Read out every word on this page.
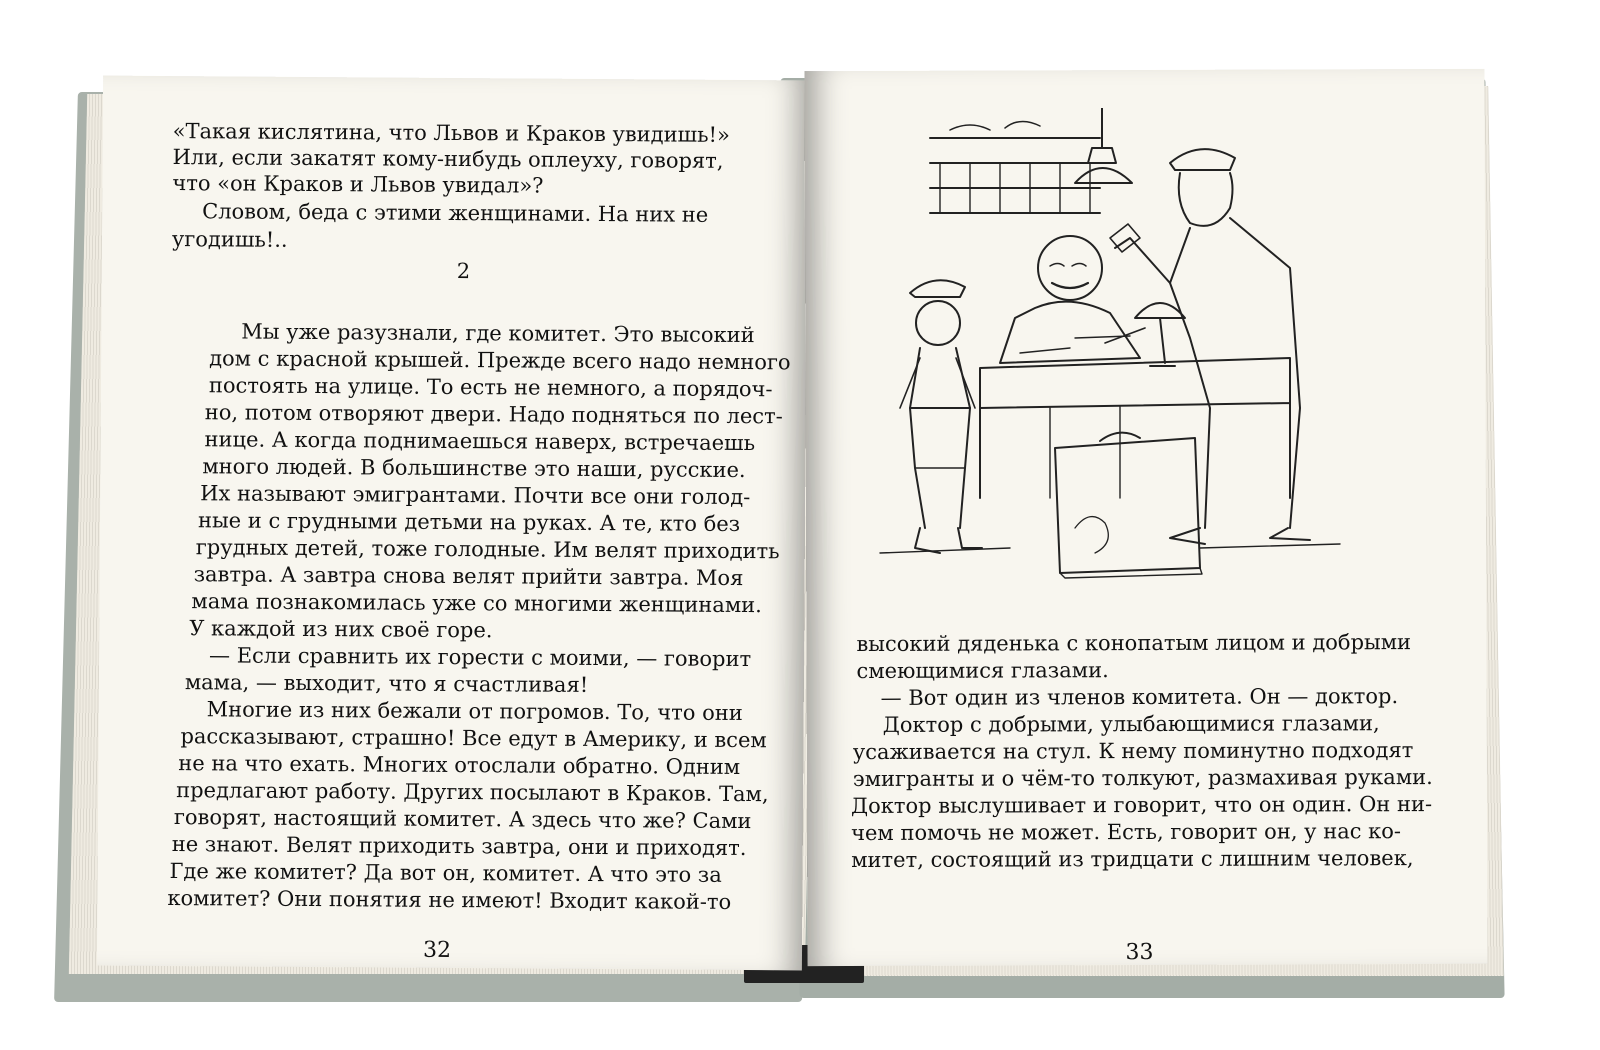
«Такая кислятина, что Львов и Краков увидишь!»
Или, если закатят кому-нибудь оплеуху, говорят,
что «он Краков и Львов увидал»?
Словом, беда с этими женщинами. На них не
угодишь!..
2
Мы уже разузнали, где комитет. Это высокий
дом с красной крышей. Прежде всего надо немного
постоять на улице. То есть не немного, а порядоч-
но, потом отворяют двери. Надо подняться по лест-
нице. А когда поднимаешься наверх, встречаешь
много людей. В большинстве это наши, русские.
Их называют эмигрантами. Почти все они голод-
ные и с грудными детьми на руках. А те, кто без
грудных детей, тоже голодные. Им велят приходить
завтра. А завтра снова велят прийти завтра. Моя
мама познакомилась уже со многими женщинами.
У каждой из них своё горе.
— Если сравнить их горести с моими, — говорит
мама, — выходит, что я счастливая!
Многие из них бежали от погромов. То, что они
рассказывают, страшно! Все едут в Америку, и всем
не на что ехать. Многих отослали обратно. Одним
предлагают работу. Других посылают в Краков. Там,
говорят, настоящий комитет. А здесь что же? Сами
не знают. Велят приходить завтра, они и приходят.
Где же комитет? Да вот он, комитет. А что это за
комитет? Они понятия не имеют! Входит какой-то
32	33
высокий дяденька с конопатым лицом и добрыми
смеющимися глазами.
— Вот один из членов комитета. Он — доктор.
Доктор с добрыми, улыбающимися глазами,
усаживается на стул. К нему поминутно подходят
эмигранты и о чём-то толкуют, размахивая руками.
Доктор выслушивает и говорит, что он один. Он ни-
чем помочь не может. Есть, говорит он, у нас ко-
митет, состоящий из тридцати с лишним человек,
